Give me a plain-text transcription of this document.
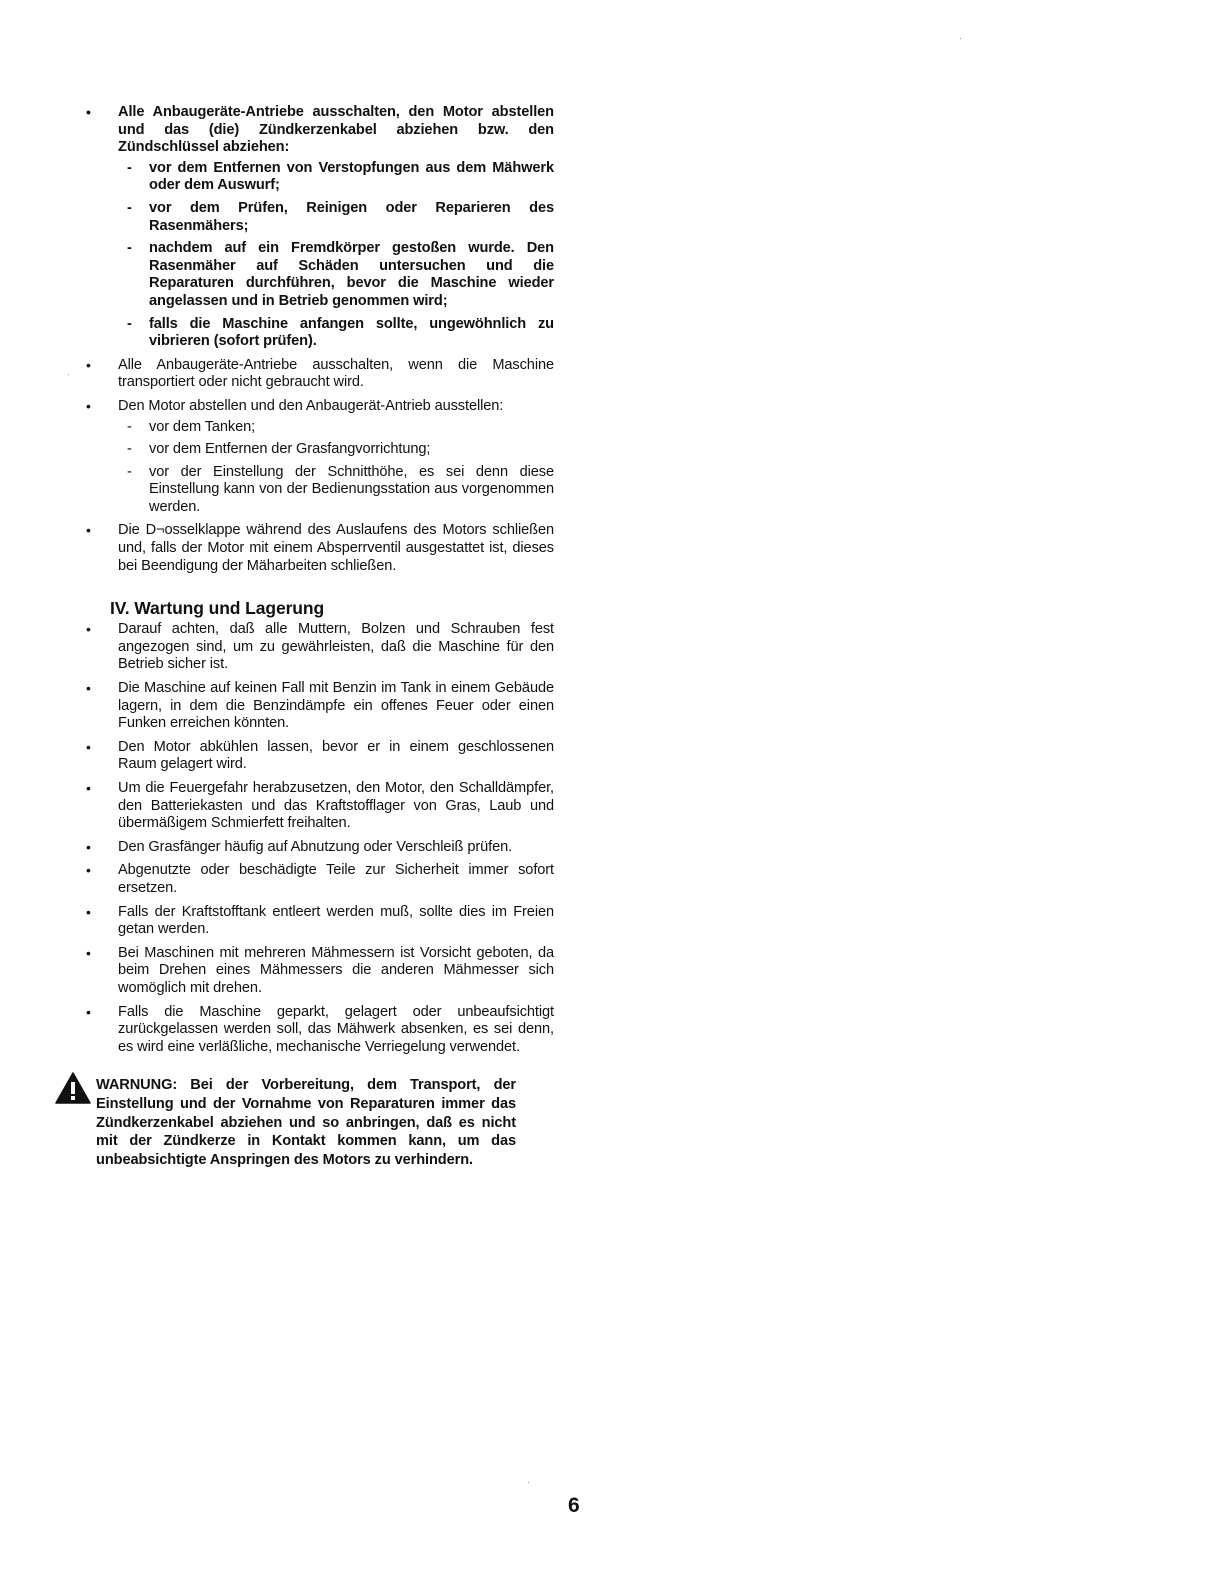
• Alle Anbaugeräte-Antriebe ausschalten, den Motor abstellen und das (die) Zündkerzenkabel abziehen bzw. den Zündschlüssel abziehen:
- vor dem Entfernen von Verstopfungen aus dem Mähwerk oder dem Auswurf;
- vor dem Prüfen, Reinigen oder Reparieren des Rasenmähers;
- nachdem auf ein Fremdkörper gestoßen wurde. Den Rasenmäher auf Schäden untersuchen und die Reparaturen durchführen, bevor die Maschine wieder angelassen und in Betrieb genommen wird;
- falls die Maschine anfangen sollte, ungewöhnlich zu vibrieren (sofort prüfen).
• Alle Anbaugeräte-Antriebe ausschalten, wenn die Maschine transportiert oder nicht gebraucht wird.
• Den Motor abstellen und den Anbaugerät-Antrieb ausstellen:
- vor dem Tanken;
- vor dem Entfernen der Grasfangvorrichtung;
- vor der Einstellung der Schnitthöhe, es sei denn diese Einstellung kann von der Bedienungsstation aus vorgenommen werden.
• Die D¬osselklappe während des Auslaufens des Motors schließen und, falls der Motor mit einem Absperrventil ausgestattet ist, dieses bei Beendigung der Mäharbeiten schließen.
IV. Wartung und Lagerung
• Darauf achten, daß alle Muttern, Bolzen und Schrauben fest angezogen sind, um zu gewährleisten, daß die Maschine für den Betrieb sicher ist.
• Die Maschine auf keinen Fall mit Benzin im Tank in einem Gebäude lagern, in dem die Benzindämpfe ein offenes Feuer oder einen Funken erreichen könnten.
• Den Motor abkühlen lassen, bevor er in einem geschlossenen Raum gelagert wird.
• Um die Feuergefahr herabzusetzen, den Motor, den Schalldämpfer, den Batteriekasten und das Kraftstofflager von Gras, Laub und übermäßigem Schmierfett freihalten.
• Den Grasfänger häufig auf Abnutzung oder Verschleiß prüfen.
• Abgenutzte oder beschädigte Teile zur Sicherheit immer sofort ersetzen.
• Falls der Kraftstofftank entleert werden muß, sollte dies im Freien getan werden.
• Bei Maschinen mit mehreren Mähmessern ist Vorsicht geboten, da beim Drehen eines Mähmessers die anderen Mähmesser sich womöglich mit drehen.
• Falls die Maschine geparkt, gelagert oder unbeaufsichtigt zurückgelassen werden soll, das Mähwerk absenken, es sei denn, es wird eine verläßliche, mechanische Verriegelung verwendet.
WARNUNG: Bei der Vorbereitung, dem Transport, der Einstellung und der Vornahme von Reparaturen immer das Zündkerzenkabel abziehen und so anbringen, daß es nicht mit der Zündkerze in Kontakt kommen kann, um das unbeabsichtigte Anspringen des Motors zu verhindern.
6
